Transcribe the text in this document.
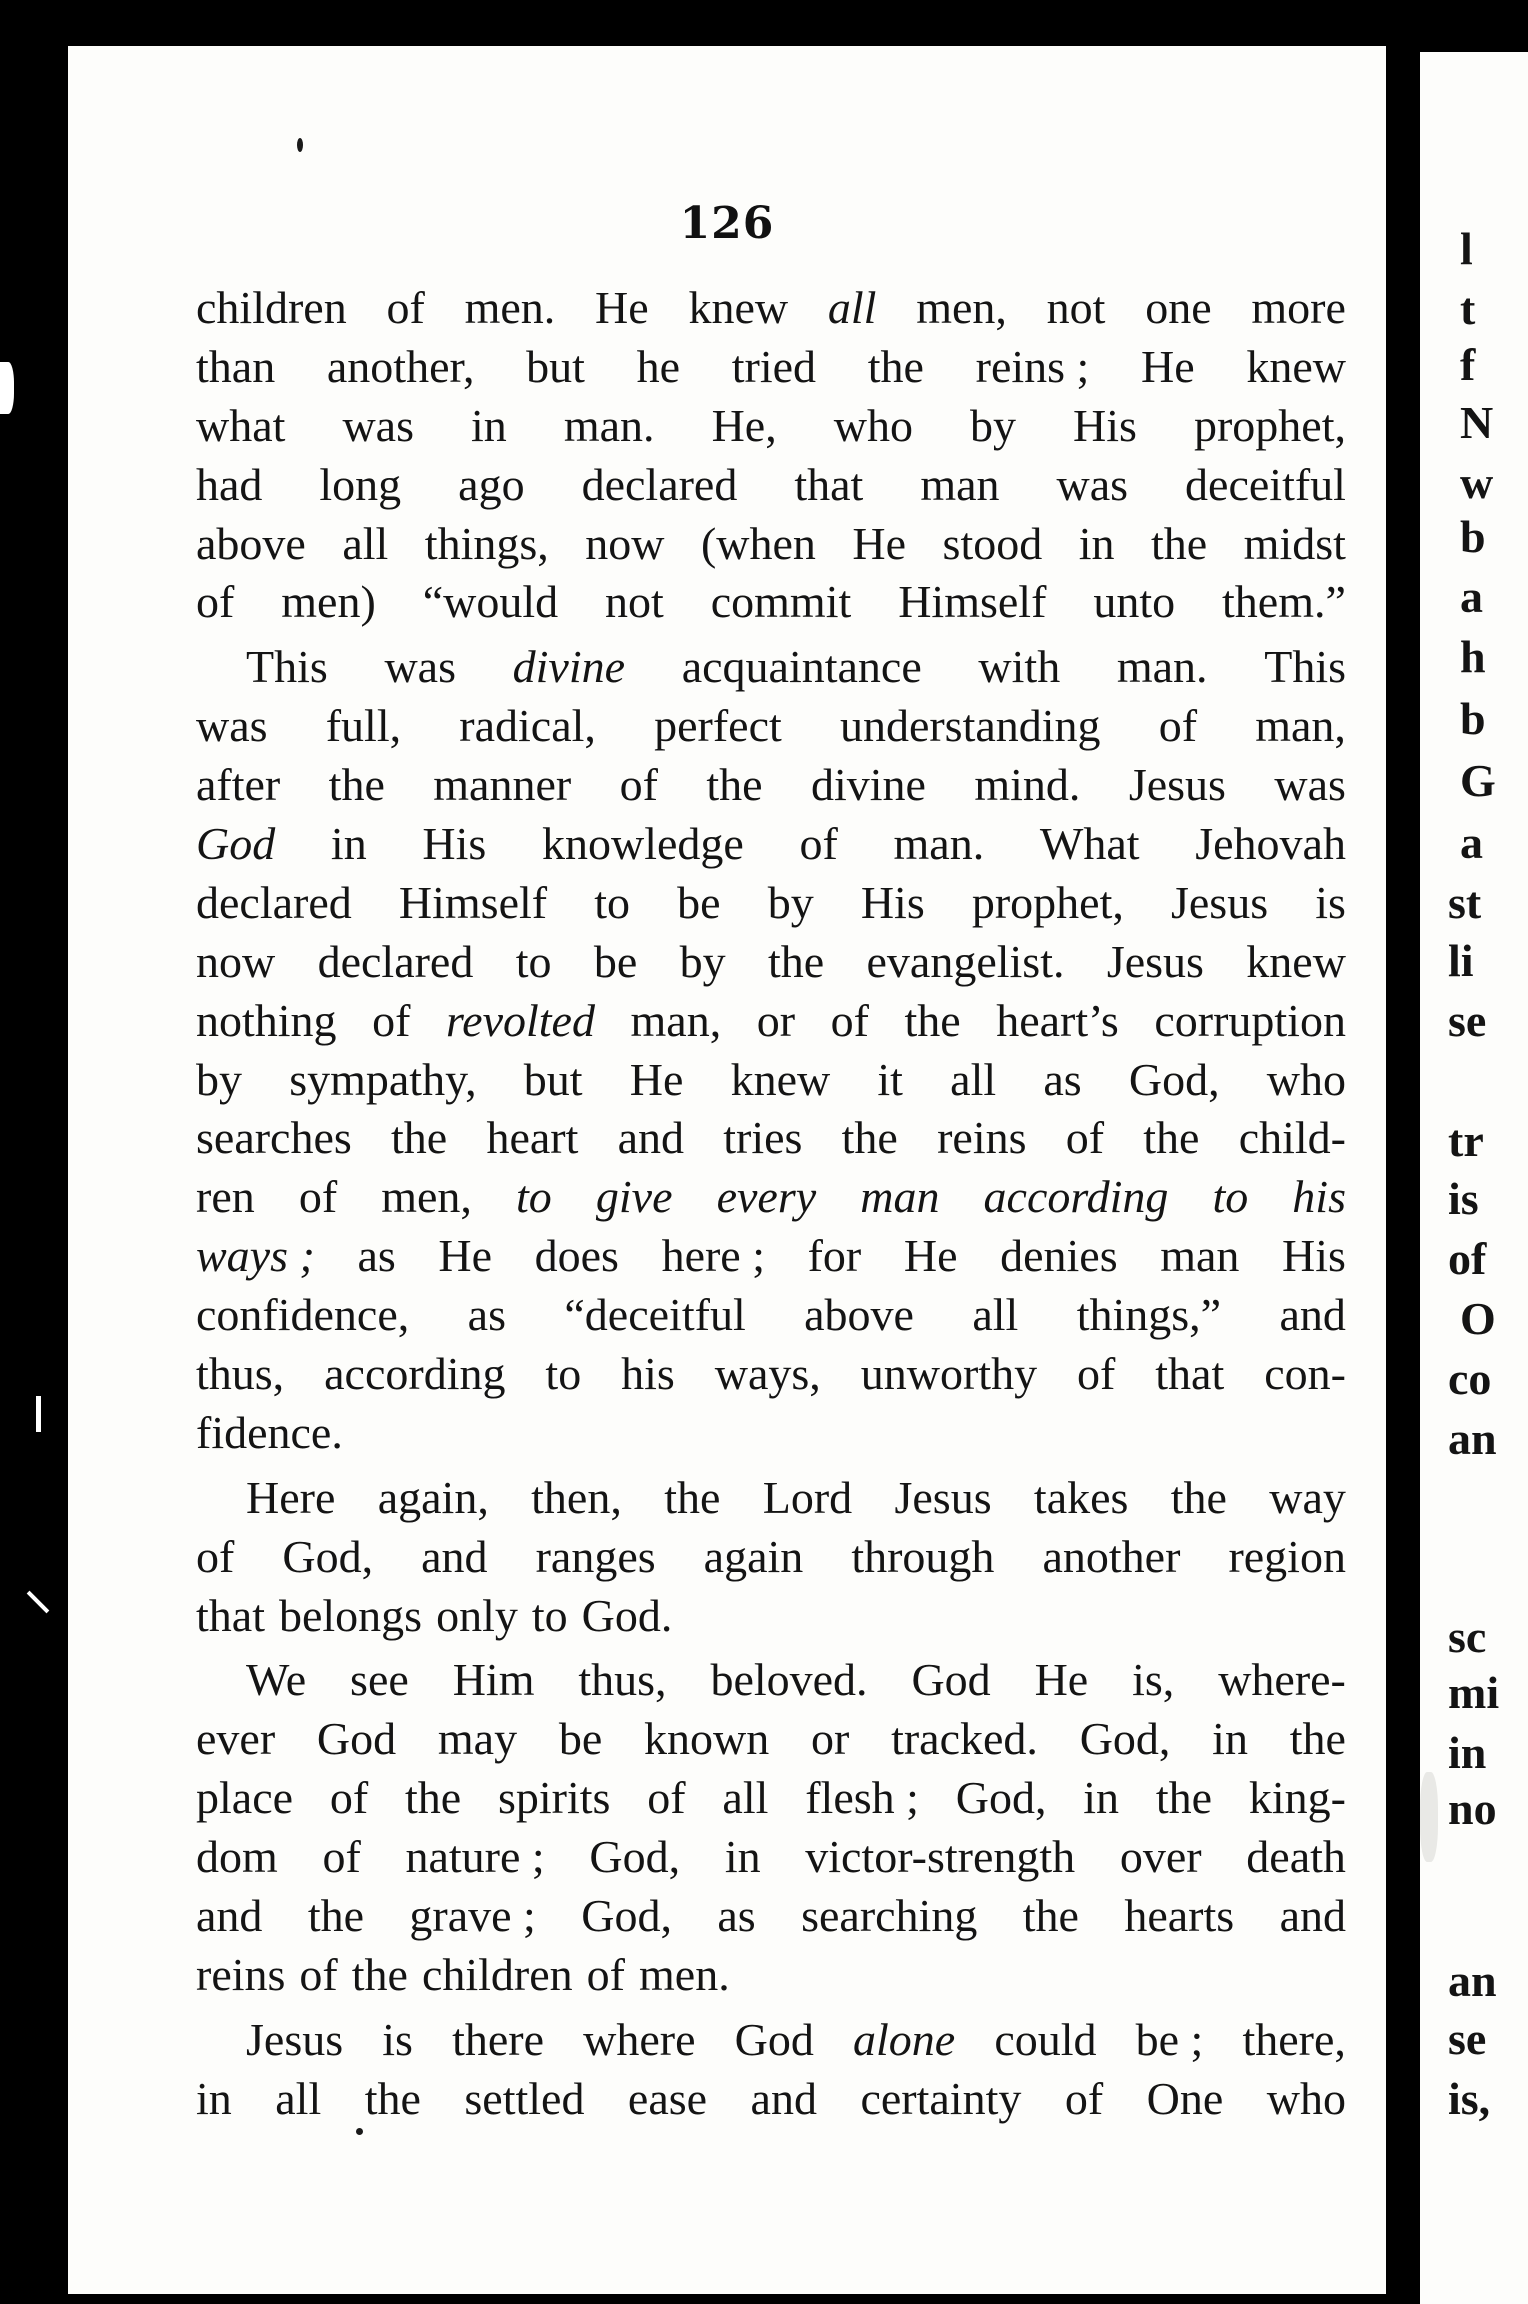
126
children of men. He knew all men, not one more
than another, but he tried the reins ; He knew
what was in man. He, who by His prophet,
had long ago declared that man was deceitful
above all things, now (when He stood in the midst
of men) “would not commit Himself unto them.”
This was divine acquaintance with man. This
was full, radical, perfect understanding of man,
after the manner of the divine mind. Jesus was
God in His knowledge of man. What Jehovah
declared Himself to be by His prophet, Jesus is
now declared to be by the evangelist. Jesus knew
nothing of revolted man, or of the heart’s corruption
by sympathy, but He knew it all as God, who
searches the heart and tries the reins of the child-
ren of men, to give every man according to his
ways ; as He does here ; for He denies man His
confidence, as “deceitful above all things,” and
thus, according to his ways, unworthy of that con-
fidence.
Here again, then, the Lord Jesus takes the way
of God, and ranges again through another region
that belongs only to God.
We see Him thus, beloved. God He is, where-
ever God may be known or tracked. God, in the
place of the spirits of all flesh ; God, in the king-
dom of nature ; God, in victor-strength over death
and the grave ; God, as searching the hearts and
reins of the children of men.
Jesus is there where God alone could be ; there,
in all the settled ease and certainty of One who
l
t
f
N
w
b
a
h
b
G
a
st
li
se
tr
is
of
O
co
an
sc
mi
in
no
an
se
is,
